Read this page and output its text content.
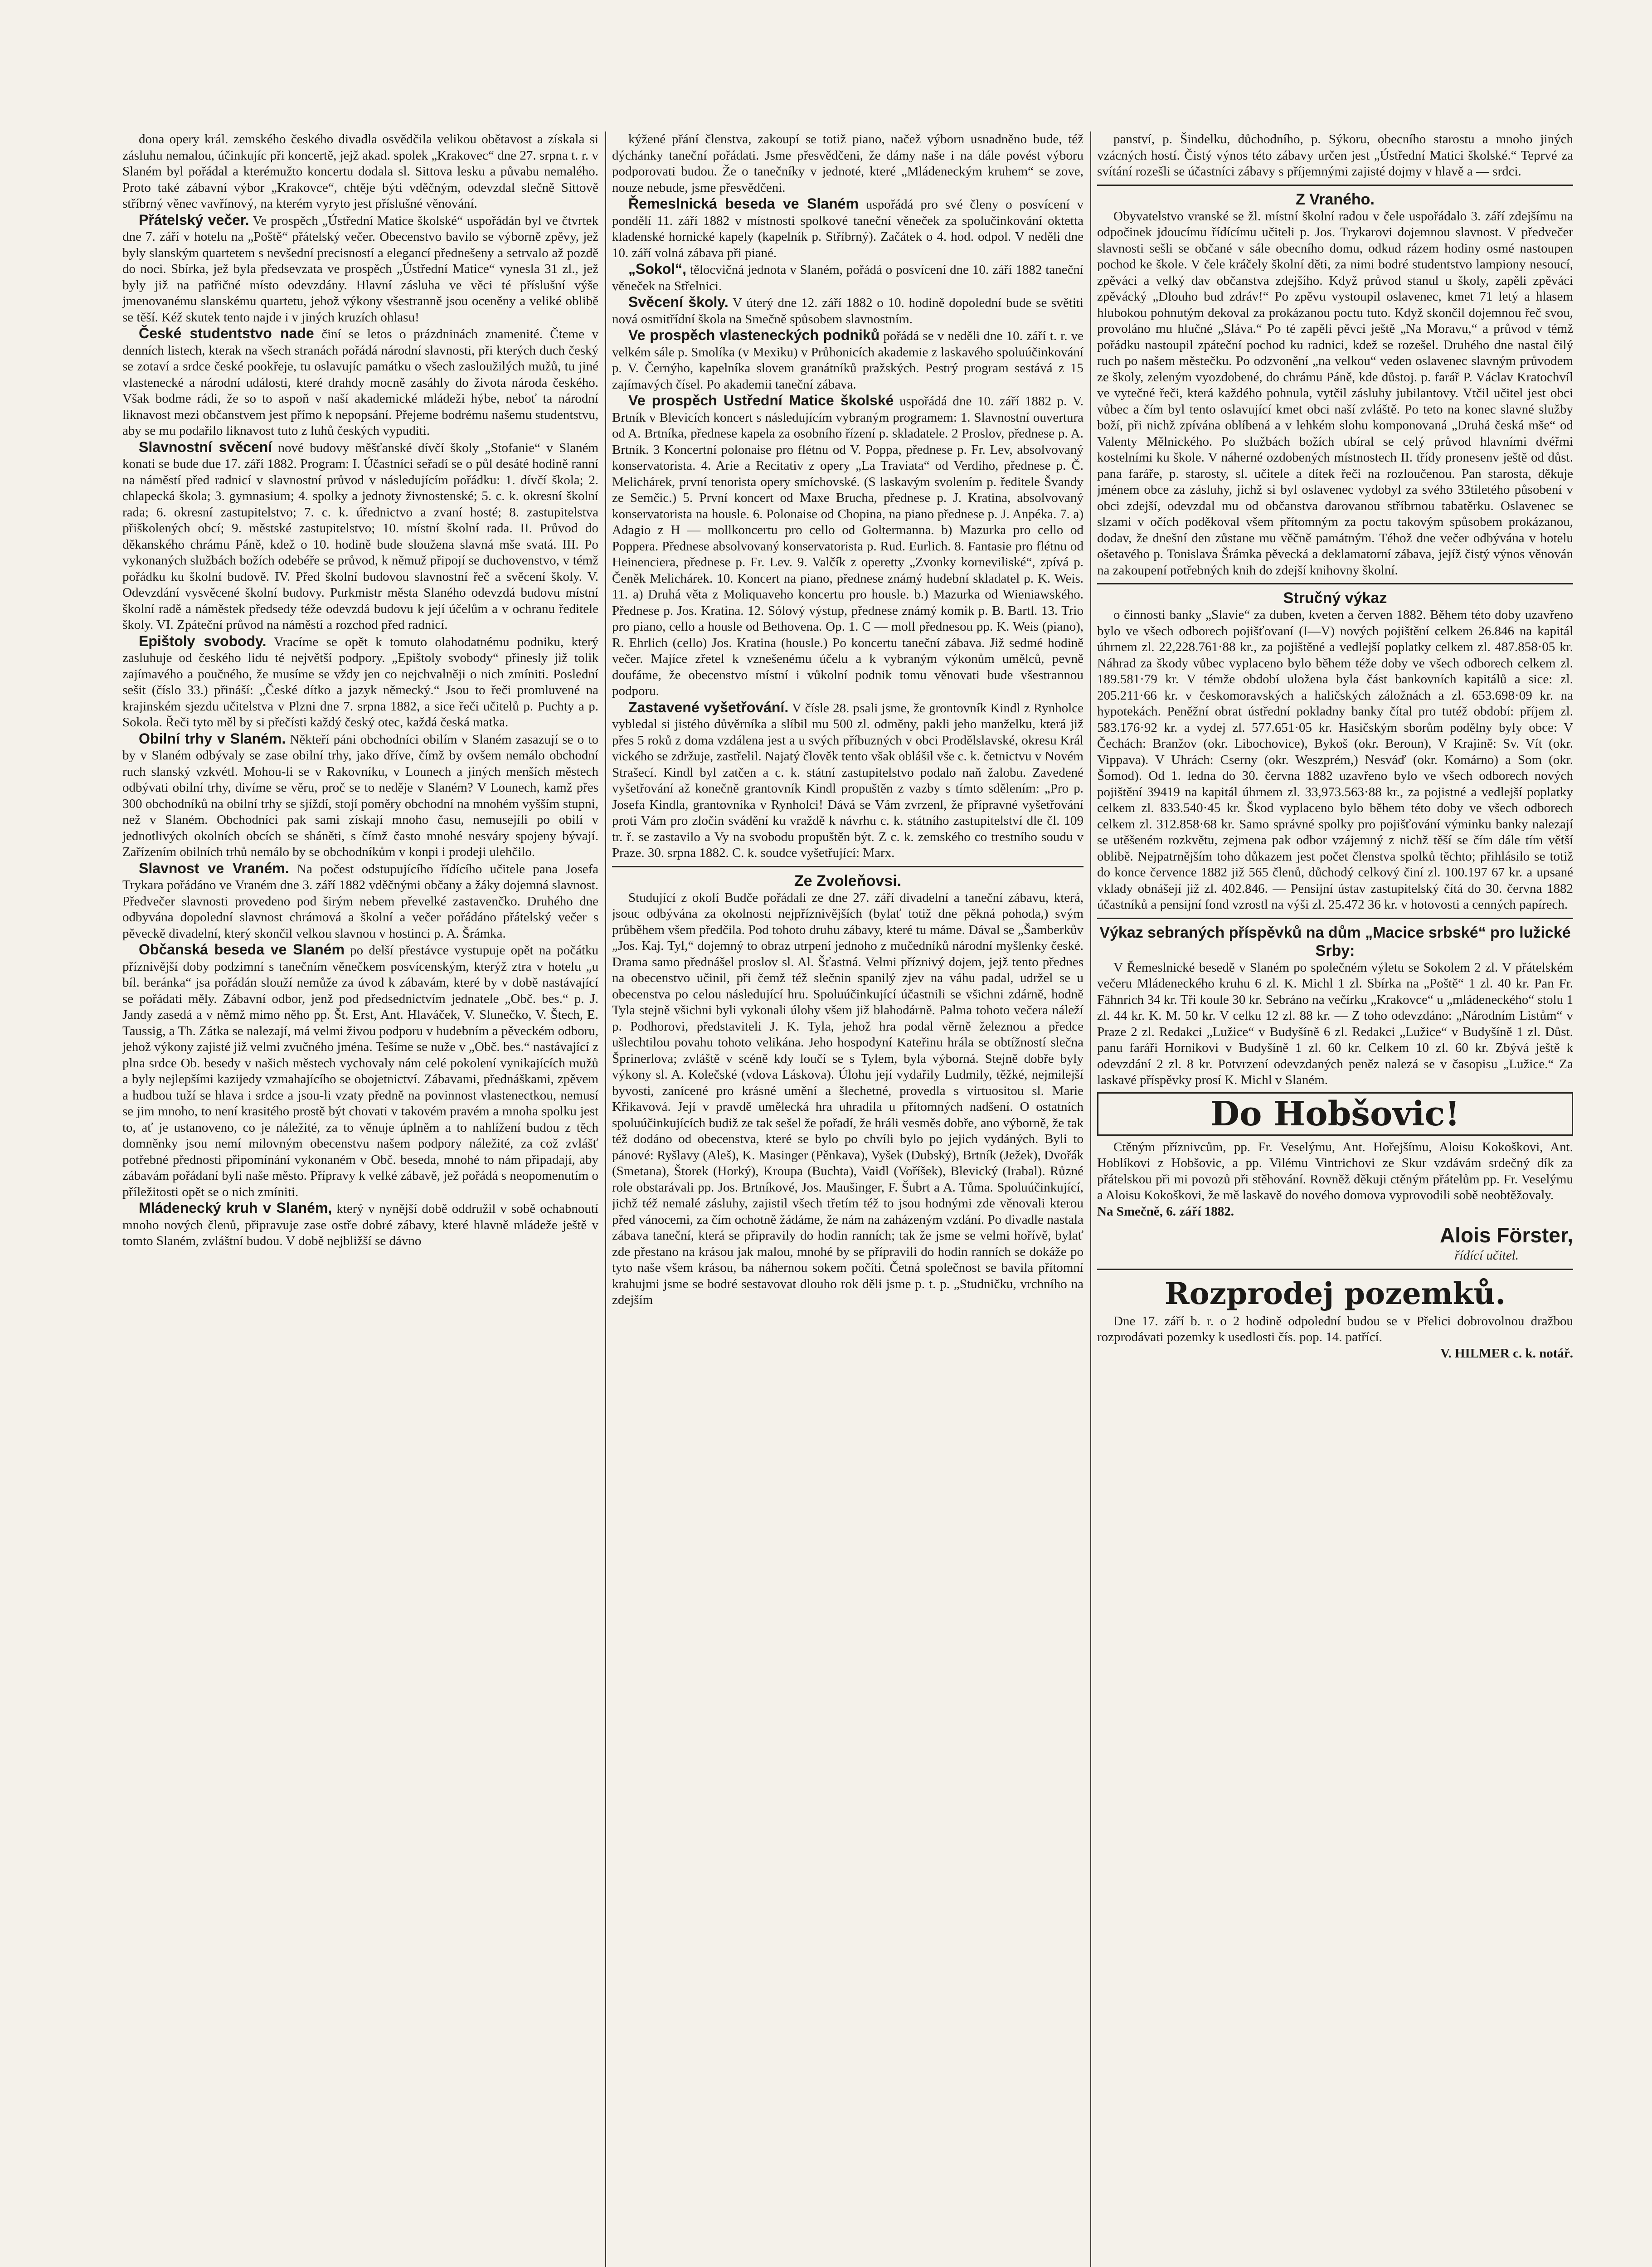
dona opery král. zemského českého divadla osvědčila velikou obětavost a získala si zásluhu nemalou, účinkujíc při koncertě, jejž akad. spolek „Krakovec“ dne 27. srpna t. r. v Slaném byl pořádal a kterémužto koncertu dodala sl. Sittova lesku a půvabu nemalého. Proto také zábavní výbor „Krakovce“, chtěje býti vděčným, odevzdal slečně Sittově stříbrný věnec vavřínový, na kterém vyryto jest příslušné věnování.

Přátelský večer. Ve prospěch „Ústřední Matice školské“ uspořádán byl ve čtvrtek dne 7. září v hotelu na „Poště“ přátelský večer. Obecenstvo bavilo se výborně zpěvy, jež byly slanským quartetem s nevšední precisností a elegancí přednešeny a setrvalo až pozdě do noci. Sbírka, jež byla předsevzata ve prospěch „Ústřední Matice“ vynesla 31 zl., jež byly již na patřičné místo odevzdány. Hlavní zásluha ve věci té příslušní výše jmenovanému slanskému quartetu, jehož výkony všestranně jsou oceněny a veliké oblibě se těší. Kéž skutek tento najde i v jiných kruzích ohlasu!

České studentstvo nade činí se letos o prázdninách znamenité. Čteme v denních listech, kterak na všech stranách pořádá národní slavnosti, při kterých duch český se zotaví a srdce české pookřeje, tu oslavujíc památku o všech zasloužilých mužů, tu jiné vlastenecké a národní události, které drahdy mocně zasáhly do života národa českého. Však bodme rádi, že so to aspoň v naší akademické mládeži hýbe, neboť ta národní liknavost mezi občanstvem jest přímo k nepopsání. Přejeme bodrému našemu studentstvu, aby se mu podařilo liknavost tuto z luhů českých vypuditi.

Slavnostní svěcení nové budovy měšťanské dívčí školy „Stofanie“ v Slaném konati se bude due 17. září 1882. Program: I. Účastníci seřadí se o půl desáté hodině ranní na náměstí před radnicí v slavnostní průvod v následujícím pořádku: 1. dívčí škola; 2. chlapecká škola; 3. gymnasium; 4. spolky a jednoty živnostenské; 5. c. k. okresní školní rada; 6. okresní zastupitelstvo; 7. c. k. úřednictvo a zvaní hosté; 8. zastupitelstva přiškolených obcí; 9. městské zastupitelstvo; 10. místní školní rada. II. Průvod do děkanského chrámu Páně, kdež o 10. hodině bude sloužena slavná mše svatá. III. Po vykonaných službách božích odebéře se průvod, k němuž připojí se duchovenstvo, v témž pořádku ku školní budově. IV. Před školní budovou slavnostní řeč a svěcení školy. V. Odevzdání vysvěcené školní budovy. Purkmistr města Slaného odevzdá budovu místní školní radě a náměstek předsedy téže odevzdá budovu k její účelům a v ochranu ředitele školy. VI. Zpáteční průvod na náměstí a rozchod před radnicí.

Epištoly svobody. Vracíme se opět k tomuto olahodatnému podniku, který zasluhuje od českého lidu té největší podpory. „Epištoly svobody“ přinesly již tolik zajímavého a poučného, že musíme se vždy jen co nejchvalněji o nich zmíniti. Poslední sešit (číslo 33.) přináší: „České dítko a jazyk německý.“ Jsou to řeči promluvené na krajinském sjezdu učitelstva v Plzni dne 7. srpna 1882, a sice řeči učitelů p. Puchty a p. Sokola. Řeči tyto měl by si přečísti každý český otec, každá česká matka.

Obilní trhy v Slaném. Někteří páni obchodníci obilím v Slaném zasazují se o to by v Slaném odbývaly se zase obilní trhy, jako dříve, čímž by ovšem nemálo obchodní ruch slanský vzkvétl. Mohou-li se v Rakovníku, v Lounech a jiných menších městech odbývati obilní trhy, divíme se věru, proč se to neděje v Slaném? V Lounech, kamž přes 300 obchodníků na obilní trhy se sjíždí, stojí poměry obchodní na mnohém vyšším stupni, než v Slaném. Obchodníci pak sami získají mnoho času, nemusejíli po obilí v jednotlivých okolních obcích se sháněti, s čímž často mnohé nesváry spojeny bývají. Zařízením obilních trhů nemálo by se obchodníkům v konpi i prodeji ulehčilo.

Slavnost ve Vraném. Na počest odstupujícího řídícího učitele pana Josefa Trykara pořádáno ve Vraném dne 3. září 1882 vděčnými občany a žáky dojemná slavnost. Předvečer slavnosti provedeno pod širým nebem převelké zastavenčko. Druhého dne odbyvána dopolední slavnost chrámová a školní a večer pořádáno přátelský večer s pěveckě divadelní, který skončil velkou slavnou v hostinci p. A. Šrámka.

Občanská beseda ve Slaném po delší přestávce vystupuje opět na počátku příznivější doby podzimní s tanečním věnečkem posvícenským, kterýž ztra v hotelu „u bíl. beránka“ jsa pořádán slouží nemůže za úvod k zábavám, které by v době nastávající se pořádati měly. Zábavní odbor, jenž pod předsednictvím jednatele „Obč. bes.“ p. J. Jandy zasedá a v němž mimo něho pp. Št. Erst, Ant. Hlaváček, V. Slunečko, V. Štech, E. Taussig, a Th. Zátka se nalezají, má velmi živou podporu v hudebním a pěveckém odboru, jehož výkony zajisté již velmi zvučného jména. Tešíme se nuže v „Obč. bes.“ nastávající z plna srdce Ob. besedy v našich městech vychovaly nám celé pokolení vynikajících mužů a byly nejlepšími kazijedy vzmahajícího se obojetnictví. Zábavami, přednáškami, zpěvem a hudbou tuží se hlava i srdce a jsou-li vzaty předně na povinnost vlastenectkou, nemusí se jim mnoho, to není krasitého prostě být chovati v takovém pravém a mnoha spolku jest to, ať je ustanoveno, co je náležité, za to věnuje úplněm a to nahlížení budou z těch domněnky jsou nemí milovným obecenstvu našem podpory náležité, za což zvlášť potřebné přednosti připomínání vykonaném v Obč. beseda, mnohé to nám připadají, aby zábavám pořádaní byli naše město. Přípravy k velké zábavě, jež pořádá s neopomenutím o příležitosti opět se o nich zmíniti.

Mládenecký kruh v Slaném, který v nynější době oddružil v sobě ochabnoutí mnoho nových členů, připravuje zase ostře dobré zábavy, které hlavně mládeže ještě v tomto Slaném, zvláštní budou. V době nejbližší se dávno

kýžené přání členstva, zakoupí se totiž piano, načež výborn usnadněno bude, též dýchánky taneční pořádati. Jsme přesvědčeni, že dámy naše i na dále povést výboru podporovati budou. Že o tanečníky v jednoté, které „Mládeneckým kruhem“ se zove, nouze nebude, jsme přesvědčeni.

Řemeslnická beseda ve Slaném uspořádá pro své členy o posvícení v pondělí 11. září 1882 v místnosti spolkové taneční věneček za spolučinkování oktetta kladenské hornické kapely (kapelník p. Stříbrný). Začátek o 4. hod. odpol. V neděli dne 10. září volná zábava při piané.

„Sokol“, tělocvičná jednota v Slaném, pořádá o posvícení dne 10. září 1882 taneční věneček na Střelnici.

Svěcení školy. V úterý dne 12. září 1882 o 10. hodině dopolední bude se světiti nová osmitřídní škola na Smečně spůsobem slavnostním.

Ve prospěch vlasteneckých podniků pořádá se v neděli dne 10. září t. r. ve velkém sále p. Smolíka (v Mexiku) v Průhonicích akademie z laskavého spoluúčinkování p. V. Černýho, kapelníka slovem granátníků pražských. Pestrý program sestává z 15 zajímavých čísel. Po akademii taneční zábava.

Ve prospěch Ustřední Matice školské uspořádá dne 10. září 1882 p. V. Brtník v Blevicích koncert s následujícím vybraným programem: 1. Slavnostní ouvertura od A. Brtníka, přednese kapela za osobního řízení p. skladatele. 2 Proslov, přednese p. A. Brtník. 3 Koncertní polonaise pro flétnu od V. Poppa, přednese p. Fr. Lev, absolvovaný konservatorista. 4. Arie a Recitativ z opery „La Traviata“ od Verdiho, přednese p. Č. Melichárek, první tenorista opery smíchovské. (S laskavým svolením p. ředitele Švandy ze Semčic.) 5. První koncert od Maxe Brucha, přednese p. J. Kratina, absolvovaný konservatorista na housle. 6. Polonaise od Chopina, na piano přednese p. J. Anpéka. 7. a) Adagio z H — mollkoncertu pro cello od Goltermanna. b) Mazurka pro cello od Poppera. Přednese absolvovaný konservatorista p. Rud. Eurlich. 8. Fantasie pro flétnu od Heinenciera, přednese p. Fr. Lev. 9. Valčík z operetty „Zvonky korneviliské“, zpívá p. Čeněk Melichárek. 10. Koncert na piano, přednese známý hudební skladatel p. K. Weis. 11. a) Druhá věta z Moliquaveho koncertu pro housle. b.) Mazurka od Wieniawského. Přednese p. Jos. Kratina. 12. Sólový výstup, přednese známý komik p. B. Bartl. 13. Trio pro piano, cello a housle od Bethovena. Op. 1. C — moll přednesou pp. K. Weis (piano), R. Ehrlich (cello) Jos. Kratina (housle.) Po koncertu taneční zábava. Již sedmé hodině večer. Majíce zřetel k vznešenému účelu a k vybraným výkonům umělců, pevně doufáme, že obecenstvo místní i vůkolní podnik tomu věnovati bude všestrannou podporu.

Zastavené vyšetřování. V čísle 28. psali jsme, že grontovník Kindl z Rynholce vybledal si jistého důvěrníka a slíbil mu 500 zl. odměny, pakli jeho manželku, která již přes 5 roků z doma vzdálena jest a u svých příbuzných v obci Prodělslavské, okresu Král vického se zdržuje, zastřelil. Najatý člověk tento však oblášil vše c. k. četnictvu v Novém Strašecí. Kindl byl zatčen a c. k. státní zastupitelstvo podalo naň žalobu. Zavedené vyšetřování až konečně grantovník Kindl propuštěn z vazby s tímto sdělením: „Pro p. Josefa Kindla, grantovníka v Rynholci! Dává se Vám zvrzenl, že přípravné vyšetřování proti Vám pro zločin svádění ku vraždě k návrhu c. k. státního zastupitelství dle čl. 109 tr. ř. se zastavilo a Vy na svobodu propuštěn být. Z c. k. zemského co trestního soudu v Praze. 30. srpna 1882. C. k. soudce vyšetřující: Marx.

Ze Zvoleňovsi.

Studující z okolí Budče pořádali ze dne 27. září divadelní a taneční zábavu, která, jsouc odbývána za okolnosti nejpříznivějších (bylať totiž dne pěkná pohoda,) svým průběhem všem předčila. Pod tohoto druhu zábavy, které tu máme. Dával se „Šamberkův „Jos. Kaj. Tyl,“ dojemný to obraz utrpení jednoho z mučedníků národní myšlenky české. Drama samo přednášel proslov sl. Al. Šťastná. Velmi příznivý dojem, jejž tento přednes na obecenstvo učinil, při čemž též slečnin spanilý zjev na váhu padal, udržel se u obecenstva po celou následující hru. Spoluúčinkující účastnili se všichni zdárně, hodně Tyla stejně všichni byli vykonali úlohy všem již blahodárně. Palma tohoto večera náleží p. Podhorovi, představiteli J. K. Tyla, jehož hra podal věrně železnou a předce ušlechtilou povahu tohoto velikána. Jeho hospodyní Kateřinu hrála se obtížností slečna Šprinerlova; zvláště v scéně kdy loučí se s Tylem, byla výborná. Stejně dobře byly výkony sl. A. Kolečské (vdova Láskova). Úlohu její vydařily Ludmily, těžké, nejmilejší byvosti, zanícené pro krásné umění a šlechetné, provedla s virtuositou sl. Marie Křikavová. Její v pravdě umělecká hra uhradila u přítomných nadšení. O ostatních spoluúčinkujících budiž ze tak sešel že pořadí, že hráli vesměs dobře, ano výborně, že tak též dodáno od obecenstva, které se bylo po chvíli bylo po jejich vydáných. Byli to pánové: Ryšlavy (Aleš), K. Masinger (Pěnkava), Vyšek (Dubský), Brtník (Ježek), Dvořák (Smetana), Štorek (Horký), Kroupa (Buchta), Vaidl (Voříšek), Blevický (Irabal). Různé role obstarávali pp. Jos. Brtníkové, Jos. Maušinger, F. Šubrt a A. Tůma. Spoluúčinkující, jichž též nemalé zásluhy, zajistil všech třetím též to jsou hodnými zde věnovali kterou před vánocemi, za čím ochotně žádáme, že nám na zaházeným vzdání. Po divadle nastala zábava taneční, která se připravily do hodin ranních; tak že jsme se velmi hořívě, bylať zde přestano na krásou jak malou, mnohé by se přípravili do hodin ranních se dokáže po tyto naše všem krásou, ba náhernou sokem počíti. Četná společnost se bavila přítomní krahujmi jsme se bodré sestavovat dlouho rok děli jsme p. t. p. „Studničku, vrchního na zdejším

panství, p. Šindelku, důchodního, p. Sýkoru, obecního starostu a mnoho jiných vzácných hostí. Čistý výnos této zábavy určen jest „Ústřední Matici školské.“ Teprvé za svítání rozešli se účastníci zábavy s příjemnými zajisté dojmy v hlavě a — srdci.

Z Vraného.

Obyvatelstvo vranské se žl. místní školní radou v čele uspořádalo 3. září zdejšímu na odpočinek jdoucímu řídícímu učiteli p. Jos. Trykarovi dojemnou slavnost. V předvečer slavnosti sešli se občané v sále obecního domu, odkud rázem hodiny osmé nastoupen pochod ke škole. V čele kráčely školní děti, za nimi bodré studentstvo lampiony nesoucí, zpěváci a velký dav občanstva zdejšího. Když průvod stanul u školy, zapěli zpěváci zpěvácký „Dlouho bud zdráv!“ Po zpěvu vystoupil oslavenec, kmet 71 letý a hlasem hlubokou pohnutým dekoval za prokázanou poctu tuto. Když skončil dojemnou řeč svou, provoláno mu hlučné „Sláva.“ Po té zapěli pěvci ještě „Na Moravu,“ a průvod v témž pořádku nastoupil zpáteční pochod ku radnici, kdež se rozešel. Druhého dne nastal čilý ruch po našem městečku. Po odzvonění „na velkou“ veden oslavenec slavným průvodem ze školy, zeleným vyozdobené, do chrámu Páně, kde důstoj. p. farář P. Václav Kratochvíl ve vytečné řeči, která každého pohnula, vytčil zásluhy jubilantovy. Vtčil učitel jest obci vůbec a čím byl tento oslavující kmet obci naší zvláště. Po teto na konec slavné služby boží, při nichž zpívána oblíbená a v lehkém slohu komponovaná „Druhá česká mše“ od Valenty Mělnického. Po službách božích ubíral se celý průvod hlavními dvéřmi kostelními ku škole. V náherné ozdobených místnostech II. třídy pronesenv ještě od důst. pana faráře, p. starosty, sl. učitele a dítek řeči na rozloučenou. Pan starosta, děkuje jménem obce za zásluhy, jichž si byl oslavenec vydobyl za svého 33tiletého působení v obci zdejší, odevzdal mu od občanstva darovanou stříbrnou tabatěrku. Oslavenec se slzami v očích poděkoval všem přítomným za poctu takovým spůsobem prokázanou, dodav, že dnešní den zůstane mu věčně památným. Téhož dne večer odbývána v hotelu ošetavého p. Tonislava Šrámka pěvecká a deklamatorní zábava, jejíž čistý výnos věnován na zakoupení potřebných knih do zdejší knihovny školní.

Stručný výkaz

o činnosti banky „Slavie“ za duben, kveten a červen 1882. Během této doby uzavřeno bylo ve všech odborech pojišťovaní (I—V) nových pojištění celkem 26.846 na kapitál úhrnem zl. 22,228.761·88 kr., za pojištěné a vedlejší poplatky celkem zl. 487.858·05 kr. Náhrad za škody vůbec vyplaceno bylo během téže doby ve všech odborech celkem zl. 189.581·79 kr. V témže období uložena byla část bankovních kapitálů a sice: zl. 205.211·66 kr. v českomoravských a haličských záložnách a zl. 653.698·09 kr. na hypotekách. Peněžní obrat ústřední pokladny banky čítal pro tutéž období: příjem zl. 583.176·92 kr. a vydej zl. 577.651·05 kr. Hasičským sborům podělny byly obce: V Čechách: Branžov (okr. Libochovice), Bykoš (okr. Beroun), V Krajině: Sv. Vít (okr. Vippava). V Uhrách: Cserny (okr. Weszprém,) Nesváď (okr. Komárno) a Som (okr. Šomod). Od 1. ledna do 30. června 1882 uzavřeno bylo ve všech odborech nových pojištění 39419 na kapitál úhrnem zl. 33,973.563·88 kr., za pojistné a vedlejší poplatky celkem zl. 833.540·45 kr. Škod vyplaceno bylo během této doby ve všech odborech celkem zl. 312.858·68 kr. Samo správné spolky pro pojišťování výminku banky nalezají se utěšeném rozkvětu, zejmena pak odbor vzájemný z nichž těší se čím dále tím větší oblibě. Nejpatrnějším toho důkazem jest počet členstva spolků těchto; přihlásilo se totiž do konce července 1882 již 565 členů, důchodý celkový činí zl. 100.197 67 kr. a upsané vklady obnášejí již zl. 402.846. — Pensijní ústav zastupitelský čítá do 30. června 1882 účastníků a pensijní fond vzrostl na výši zl. 25.472 36 kr. v hotovosti a cenných papírech.

Výkaz sebraných příspěvků na dům „Macice srbské“ pro lužické Srby:

V Řemeslnické besedě v Slaném po společném výletu se Sokolem 2 zl. V přátelském večeru Mládeneckého kruhu 6 zl. K. Michl 1 zl. Sbírka na „Poště“ 1 zl. 40 kr. Pan Fr. Fähnrich 34 kr. Tři koule 30 kr. Sebráno na večírku „Krakovce“ u „mládeneckého“ stolu 1 zl. 44 kr. K. M. 50 kr. V celku 12 zl. 88 kr. — Z toho odevzdáno: „Národním Listům“ v Praze 2 zl. Redakci „Lužice“ v Budyšíně 6 zl. Redakci „Lužice“ v Budyšíně 1 zl. Důst. panu faráři Hornikovi v Budyšíně 1 zl. 60 kr. Celkem 10 zl. 60 kr. Zbývá ještě k odevzdání 2 zl. 8 kr. Potvrzení odevzdaných peněz nalezá se v časopisu „Lužice.“ Za laskavé příspěvky prosí K. Michl v Slaném.

Do Hobšovic!

Ctěným příznivcům, pp. Fr. Veselýmu, Ant. Hořejšímu, Aloisu Kokoškovi, Ant. Hoblíkovi z Hobšovic, a pp. Vilému Vintrichovi ze Skur vzdávám srdečný dík za přátelskou při mi povozů při stěhování. Rovněž děkuji ctěným přátelům pp. Fr. Veselýmu a Aloisu Kokoškovi, že mě laskavě do nového domova vyprovodili sobě neobtěžovaly.

Na Smečně, 6. září 1882.

Alois Förster,
řídící učitel.
Rozprodej pozemků.

Dne 17. září b. r. o 2 hodině odpolední budou se v Přelici dobrovolnou dražbou rozprodávati pozemky k usedlosti čís. pop. 14. patřící.

V. HILMER c. k. notář.
